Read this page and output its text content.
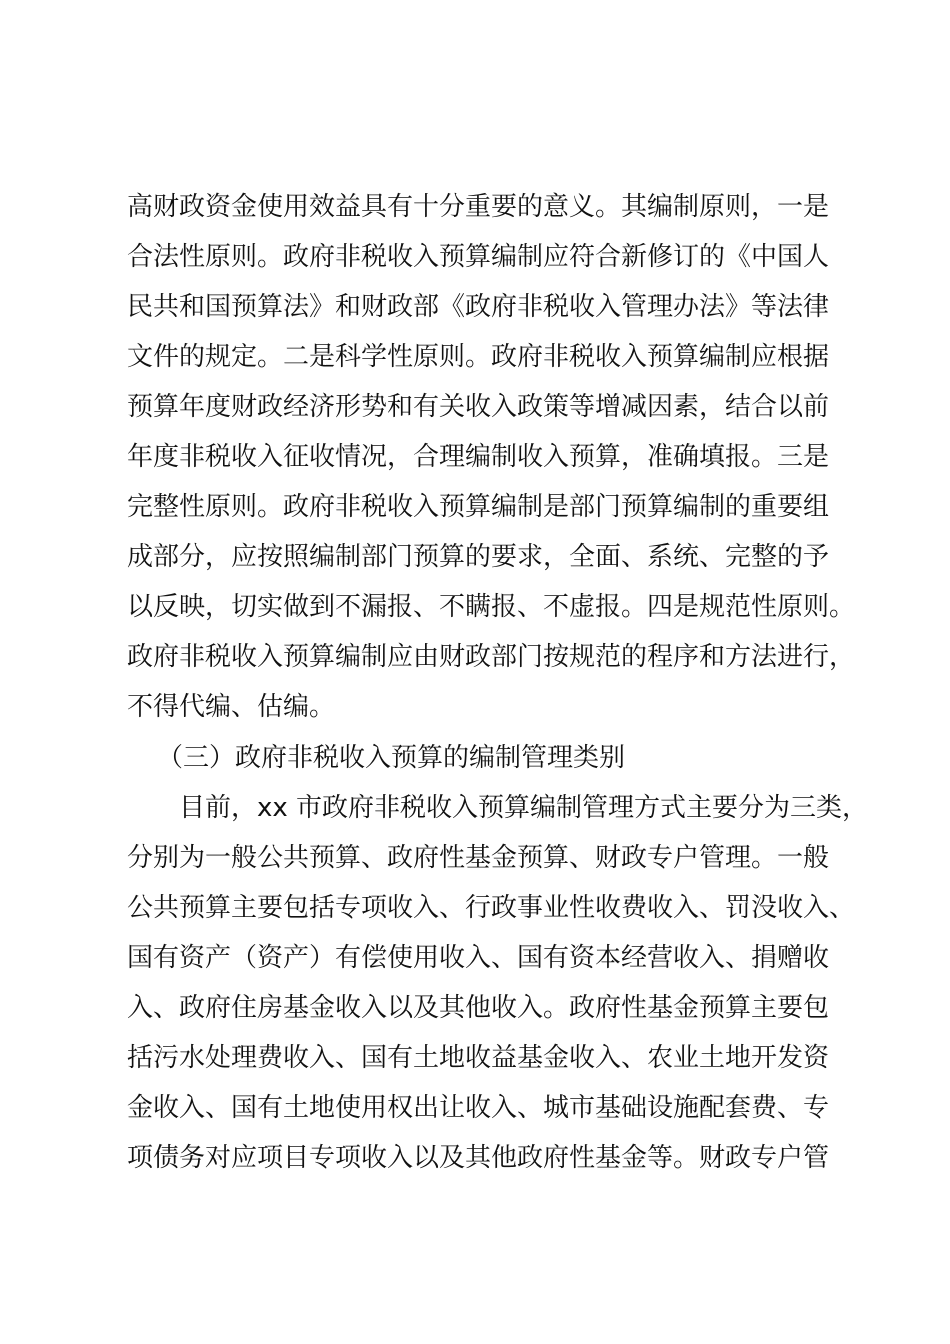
高财政资金使用效益具有十分重要的意义。其编制原则，一是
合法性原则。政府非税收入预算编制应符合新修订的《中国人
民共和国预算法》和财政部《政府非税收入管理办法》等法律
文件的规定。二是科学性原则。政府非税收入预算编制应根据
预算年度财政经济形势和有关收入政策等增减因素，结合以前
年度非税收入征收情况，合理编制收入预算，准确填报。三是
完整性原则。政府非税收入预算编制是部门预算编制的重要组
成部分，应按照编制部门预算的要求，全面、系统、完整的予
以反映，切实做到不漏报、不瞒报、不虚报。四是规范性原则。
政府非税收入预算编制应由财政部门按规范的程序和方法进行，
不得代编、估编。
（三）政府非税收入预算的编制管理类别
目前，xx 市政府非税收入预算编制管理方式主要分为三类，
分别为一般公共预算、政府性基金预算、财政专户管理。一般
公共预算主要包括专项收入、行政事业性收费收入、罚没收入、
国有资产（资产）有偿使用收入、国有资本经营收入、捐赠收
入、政府住房基金收入以及其他收入。政府性基金预算主要包
括污水处理费收入、国有土地收益基金收入、农业土地开发资
金收入、国有土地使用权出让收入、城市基础设施配套费、专
项债务对应项目专项收入以及其他政府性基金等。财政专户管
